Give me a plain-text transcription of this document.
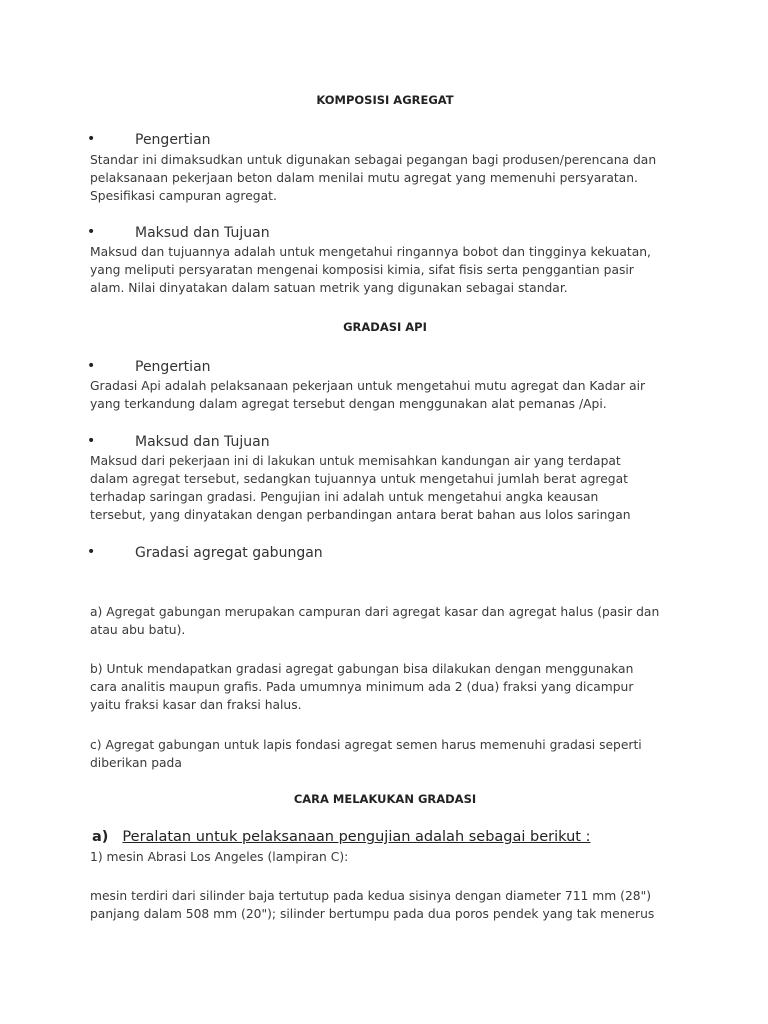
KOMPOSISI AGREGAT
•	Pengertian
Standar ini dimaksudkan untuk digunakan sebagai pegangan bagi produsen/perencana dan
pelaksanaan pekerjaan beton dalam menilai mutu agregat yang memenuhi persyaratan.
Spesifikasi campuran agregat.
•	Maksud dan Tujuan
Maksud dan tujuannya adalah untuk mengetahui ringannya bobot dan tingginya kekuatan,
yang meliputi persyaratan mengenai komposisi kimia, sifat fisis serta penggantian pasir
alam. Nilai dinyatakan dalam satuan metrik yang digunakan sebagai standar.
GRADASI API
•	Pengertian
Gradasi Api adalah pelaksanaan pekerjaan untuk mengetahui mutu agregat dan Kadar air
yang terkandung dalam agregat tersebut dengan menggunakan alat pemanas /Api.
•	Maksud dan Tujuan
Maksud dari pekerjaan ini di lakukan untuk memisahkan kandungan air yang terdapat
dalam agregat tersebut, sedangkan tujuannya untuk mengetahui jumlah berat agregat
terhadap saringan gradasi. Pengujian ini adalah untuk mengetahui angka keausan
tersebut, yang dinyatakan dengan perbandingan antara berat bahan aus lolos saringan
•	Gradasi agregat gabungan
a) Agregat gabungan merupakan campuran dari agregat kasar dan agregat halus (pasir dan
atau abu batu).
b) Untuk mendapatkan gradasi agregat gabungan bisa dilakukan dengan menggunakan
cara analitis maupun grafis. Pada umumnya minimum ada 2 (dua) fraksi yang dicampur
yaitu fraksi kasar dan fraksi halus.
c) Agregat gabungan untuk lapis fondasi agregat semen harus memenuhi gradasi seperti
diberikan pada
CARA MELAKUKAN GRADASI
a) Peralatan untuk pelaksanaan pengujian adalah sebagai berikut :
1) mesin Abrasi Los Angeles (lampiran C):
mesin terdiri dari silinder baja tertutup pada kedua sisinya dengan diameter 711 mm (28")
panjang dalam 508 mm (20"); silinder bertumpu pada dua poros pendek yang tak menerus
